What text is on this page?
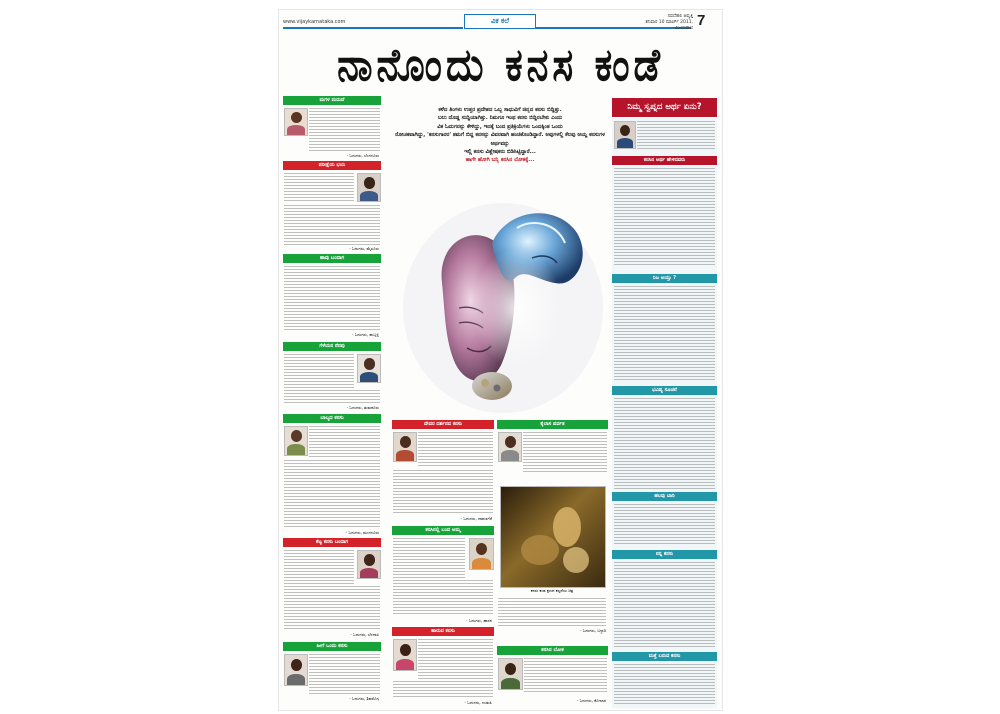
www.vijaykarnataka.com	ವಿಕ ಕಲೆ
ನವದೆಹಲಿ ಆವೃತ್ತಿ
ಶನಿವಾರ 10 ಮಾರ್ಚ್ 2011, ವಿಜಯವಾಣಿ 7
ನಾನೊಂದು ಕನಸ ಕಂಡೆ
ಮಗಳ ಮದುವೆ
- ಓದುಗರು, ಬೆಂಗಳೂರು
ಪರೀಕ್ಷೆಯ ಭಯ
- ಓದುಗರು, ಮೈಸೂರು
ಹಾವು ಬಂದಾಗ
- ಓದುಗರು, ಹುಬ್ಬಳ್ಳಿ
ಗೆಳೆಯನ ನೆನಪು
- ಓದುಗರು, ತುಮಕೂರು
ಬಾಲ್ಯದ ಕನಸು
- ಓದುಗರು, ಮಂಗಳೂರು
ಕೆಟ್ಟ ಕನಸು ಬಂದಾಗ
- ಓದುಗರು, ಬೆಳಗಾವಿ
ಹೀಗೆ ಒಂದು ಕನಸು
- ಓದುಗರು, ಶಿವಮೊಗ್ಗ
ಕಳೆದ ತಿಂಗಳು ಉತ್ತರ ಪ್ರದೇಶದ ಒಬ್ಬ ಸಾಧುವಿಗೆ ಚಿನ್ನದ ಕನಸು ಬಿದ್ದಿತ್ತು.
ಬಲು ದೊಡ್ಡ ಸುದ್ದಿಯಾಗಿತ್ತು. ನಿಮಗೂ ಇಂಥ ಕನಸು ಬಿದ್ದಿರಬೇಕು ಎಂದು
ವಿಕ ಓದುಗರನ್ನು ಕೇಳಿದ್ದು, ಇದಕ್ಕೆ ಬಂದ ಪ್ರತಿಕ್ರಿಯೆಗಳು ಒಂದಕ್ಕಿಂತ ಒಂದು
ರೋಚಕವಾಗಿದ್ದು, 'ಕನಸುಗಾರರ' ತಮಗೆ ಬಿದ್ದ ಕನಸನ್ನು ವಿವರವಾಗಿ ಹಂಚಿಕೊಂಡಿದ್ದಾರೆ. ಅವುಗಳಲ್ಲಿ ಕೆಲವು ಆಯ್ದ ಕನಸುಗಳ ಅರ್ಥವನ್ನು
ಇಲ್ಲಿ ಕನಸು ವಿಶ್ಲೇಷಕರು ಬಿಡಿಸಿಟ್ಟಿದ್ದಾರೆ...
ಹಾಗೇ ಹೋಗಿ ಬನ್ನಿ ಕನಸಿನ ಲೋಕಕ್ಕೆ...
ದೇವರ ದರ್ಶನದ ಕನಸು
- ಓದುಗರು, ದಾವಣಗೆರೆ
ಕನಸಿನಲ್ಲಿ ಬಂದ ಅಮ್ಮ
- ಓದುಗರು, ಹಾಸನ
ಹಾರುವ ಕನಸು
- ಓದುಗರು, ಉಡುಪಿ
ಕೈಲಾಸ ಪರ್ವತ
ಕನಸು ಕಂಡ ಕ್ಷಣದ ಕಲ್ಪನೆಯ ಚಿತ್ರ
- ಓದುಗರು, ಬಳ್ಳಾರಿ
ಕನಸಿನ ಲೋಕ
- ಓದುಗರು, ಕೋಲಾರ
ನಿಮ್ಮ ಸ್ವಪ್ನದ ಅರ್ಥ ಏನು?
ಕನಸಿನ ಅರ್ಥ ಹೇಳಿದವರು
ನಿಜ ಆಯ್ತು ?
ಭವಿಷ್ಯ ಸೂಚನೆ
ಹಲವು ಬಾರಿ
ನನ್ನ ಕನಸು
ಮತ್ತೆ ಬರುವ ಕನಸು
